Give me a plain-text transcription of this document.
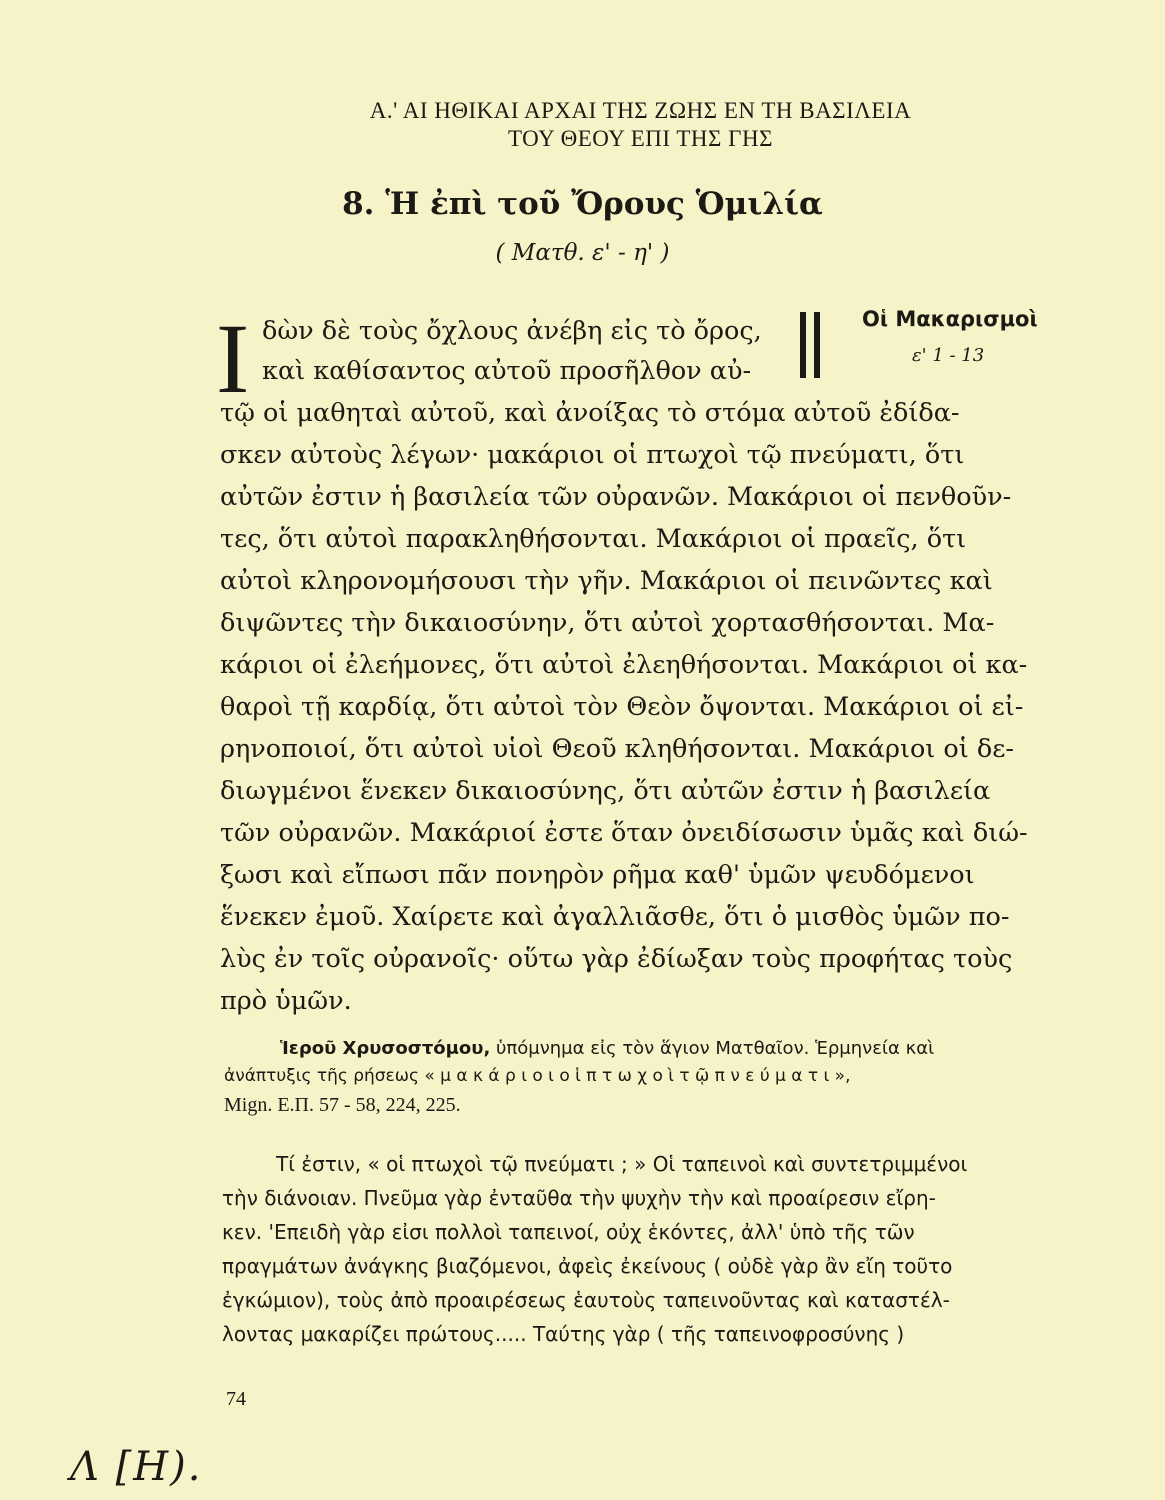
Α.' ΑΙ ΗΘΙΚΑΙ ΑΡΧΑΙ ΤΗΣ ΖΩΗΣ ΕΝ ΤΗ ΒΑΣΙΛΕΙΑ
ΤΟΥ ΘΕΟΥ ΕΠΙ ΤΗΣ ΓΗΣ
8. Ἡ ἐπὶ τοῦ Ὄρους Ὁμιλία
( Ματθ. ε' - η' )
Ι	Οἱ Μακαρισμοὶ
ε' 1 - 13
δὼν δὲ τοὺς ὄχλους ἀνέβη εἰς τὸ ὄρος,
καὶ καθίσαντος αὐτοῦ προσῆλθον αὐ-
τῷ οἱ μαθηταὶ αὐτοῦ, καὶ ἀνοίξας τὸ στόμα αὐτοῦ ἐδίδα-
σκεν αὐτοὺς λέγων· μακάριοι οἱ πτωχοὶ τῷ πνεύματι, ὅτι
αὐτῶν ἐστιν ἡ βασιλεία τῶν οὐρανῶν. Μακάριοι οἱ πενθοῦν-
τες, ὅτι αὐτοὶ παρακληθήσονται. Μακάριοι οἱ πραεῖς, ὅτι
αὐτοὶ κληρονομήσουσι τὴν γῆν. Μακάριοι οἱ πεινῶντες καὶ
διψῶντες τὴν δικαιοσύνην, ὅτι αὐτοὶ χορτασθήσονται. Μα-
κάριοι οἱ ἐλεήμονες, ὅτι αὐτοὶ ἐλεηθήσονται. Μακάριοι οἱ κα-
θαροὶ τῇ καρδίᾳ, ὅτι αὐτοὶ τὸν Θεὸν ὄψονται. Μακάριοι οἱ εἰ-
ρηνοποιοί, ὅτι αὐτοὶ υἱοὶ Θεοῦ κληθήσονται. Μακάριοι οἱ δε-
διωγμένοι ἕνεκεν δικαιοσύνης, ὅτι αὐτῶν ἐστιν ἡ βασιλεία
τῶν οὐρανῶν. Μακάριοί ἐστε ὅταν ὀνειδίσωσιν ὑμᾶς καὶ διώ-
ξωσι καὶ εἴπωσι πᾶν πονηρὸν ρῆμα καθ' ὑμῶν ψευδόμενοι
ἕνεκεν ἐμοῦ. Χαίρετε καὶ ἀγαλλιᾶσθε, ὅτι ὁ μισθὸς ὑμῶν πο-
λὺς ἐν τοῖς οὐρανοῖς· οὕτω γὰρ ἐδίωξαν τοὺς προφήτας τοὺς
πρὸ ὑμῶν.
Ἱεροῦ Χρυσοστόμου, ὑπόμνημα εἰς τὸν ἅγιον Ματθαῖον. Ἑρμηνεία καὶ
ἀνάπτυξις τῆς ρήσεως « μ α κ ά ρ ι ο ι ο ἱ π τ ω χ ο ὶ τ ῷ π ν ε ύ μ α τ ι »,
Mign. Ε.Π. 57 - 58, 224, 225.
Τί ἐστιν, « οἱ πτωχοὶ τῷ πνεύματι ; » Οἱ ταπεινοὶ καὶ συντετριμμένοι
τὴν διάνοιαν. Πνεῦμα γὰρ ἐνταῦθα τὴν ψυχὴν τὴν καὶ προαίρεσιν εἴρη-
κεν. 'Επειδὴ γὰρ εἰσι πολλοὶ ταπεινοί, οὐχ ἑκόντες, ἀλλ' ὑπὸ τῆς τῶν
πραγμάτων ἀνάγκης βιαζόμενοι, ἀφεὶς ἐκείνους ( οὐδὲ γὰρ ἂν εἴη τοῦτο
ἐγκώμιον), τοὺς ἀπὸ προαιρέσεως ἑαυτοὺς ταπεινοῦντας καὶ καταστέλ-
λοντας μακαρίζει πρώτους..... Ταύτης γὰρ ( τῆς ταπεινοφροσύνης )
74
Λ [Η).
